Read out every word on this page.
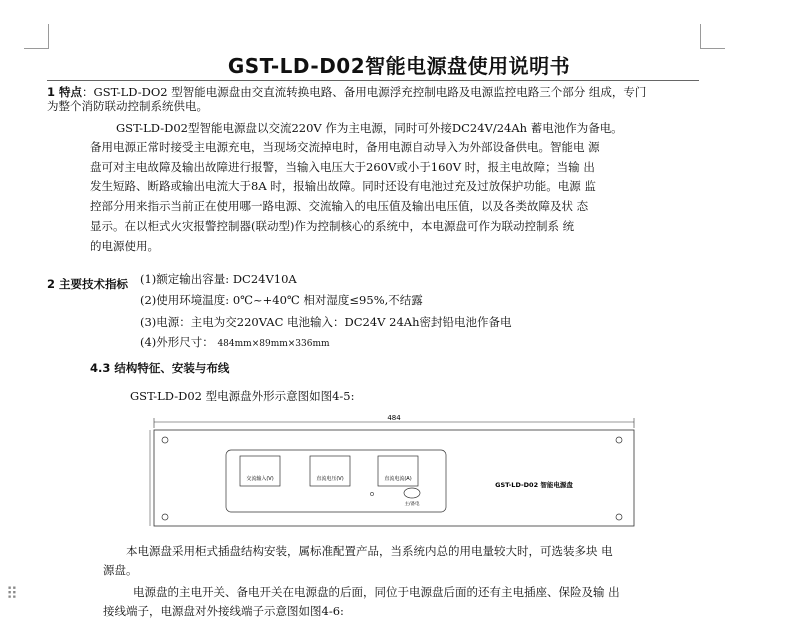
GST-LD-D02智能电源盘使用说明书
1 特点：GST-LD-DO2 型智能电源盘由交直流转换电路、备用电源浮充控制电路及电源监控电路三个部分 组成，专门
为整个消防联动控制系统供电。
GST-LD-D02型智能电源盘以交流220V 作为主电源，同时可外接DC24V/24Ah 蓄电池作为备电。
备用电源正常时接受主电源充电，当现场交流掉电时，备用电源自动导入为外部设备供电。智能电 源
盘可对主电故障及输出故障进行报警，当输入电压大于260V或小于160V 时，报主电故障；当输 出
发生短路、断路或输出电流大于8A 时，报输出故障。同时还设有电池过充及过放保护功能。电源 监
控部分用来指示当前正在使用哪一路电源、交流输入的电压值及输出电压值，以及各类故障及状 态
显示。在以柜式火灾报警控制器(联动型)作为控制核心的系统中，本电源盘可作为联动控制系 统
的电源使用。
2 主要技术指标 (1)额定输出容量: DC24V10A
(2)使用环境温度: 0℃~+40℃ 相对湿度≤95%,不结露
(3)电源：主电为交220VAC 电池输入：DC24V 24Ah密封铅电池作备电
(4)外形尺寸： 484mm×89mm×336mm
4.3 结构特征、安装与布线
GST-LD-D02 型电源盘外形示意图如图4-5:
484
交流输入(V)	直流电压(V)	直流电流(A)
主/备电
GST-LD-D02 智能电源盘
本电源盘采用柜式插盘结构安装，属标准配置产品，当系统内总的用电量较大时，可选装多块 电
源盘。
电源盘的主电开关、备电开关在电源盘的后面，同位于电源盘后面的还有主电插座、保险及输 出
接线端子，电源盘对外接线端子示意图如图4-6:
⠿
